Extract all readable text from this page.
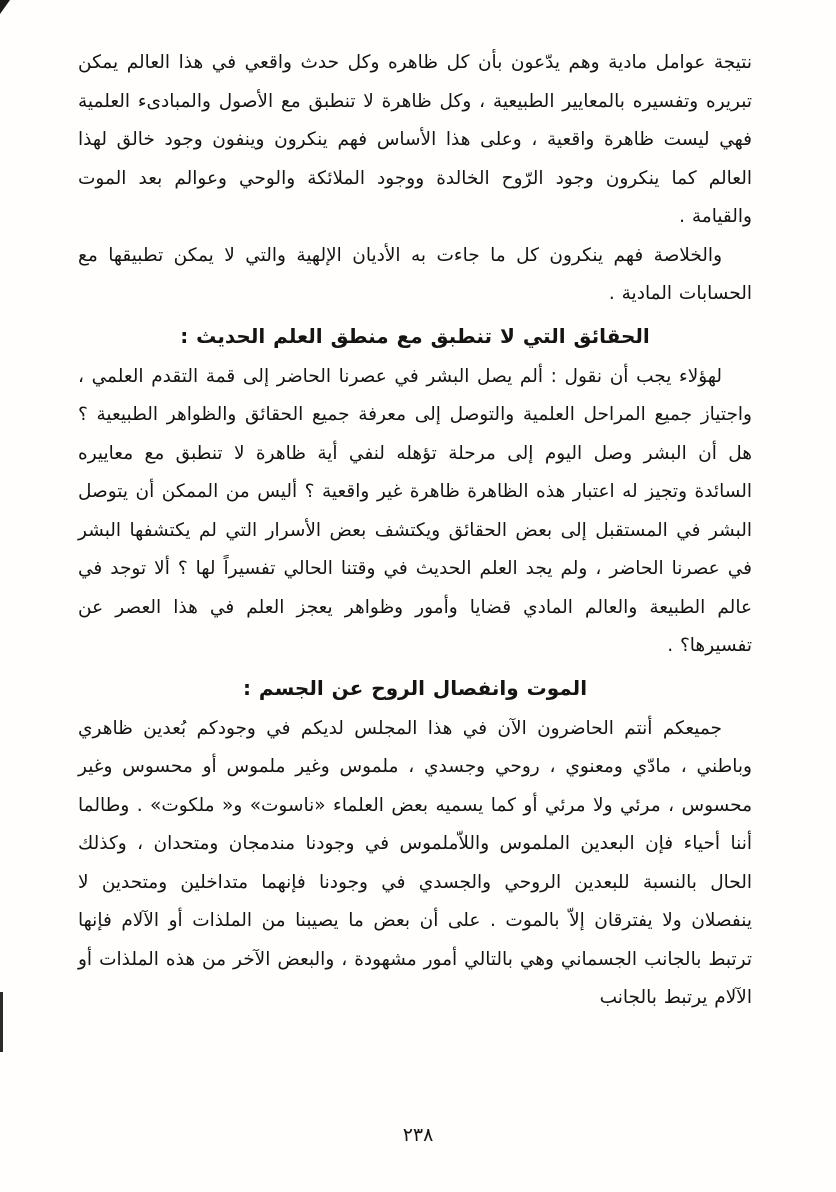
نتيجة عوامل مادية وهم يدّعون بأن كل ظاهره وكل حدث واقعي في هذا العالم يمكن تبريره وتفسيره بالمعايير الطبيعية ، وكل ظاهرة لا تنطبق مع الأصول والمبادىء العلمية فهي ليست ظاهرة واقعية ، وعلى هذا الأساس فهم ينكرون وينفون وجود خالق لهذا العالم كما ينكرون وجود الرّوح الخالدة ووجود الملائكة والوحي وعوالم بعد الموت والقيامة .

والخلاصة فهم ينكرون كل ما جاءت به الأديان الإلهية والتي لا يمكن تطبيقها مع الحسابات المادية .

الحقائق التي لا تنطبق مع منطق العلم الحديث :

لهؤلاء يجب أن نقول : ألم يصل البشر في عصرنا الحاضر إلى قمة التقدم العلمي ، واجتياز جميع المراحل العلمية والتوصل إلى معرفة جميع الحقائق والظواهر الطبيعية ؟ هل أن البشر وصل اليوم إلى مرحلة تؤهله لنفي أية ظاهرة لا تنطبق مع معاييره السائدة وتجيز له اعتبار هذه الظاهرة ظاهرة غير واقعية ؟ أليس من الممكن أن يتوصل البشر في المستقبل إلى بعض الحقائق ويكتشف بعض الأسرار التي لم يكتشفها البشر في عصرنا الحاضر ، ولم يجد العلم الحديث في وقتنا الحالي تفسيراً لها ؟ ألا توجد في عالم الطبيعة والعالم المادي قضايا وأمور وظواهر يعجز العلم في هذا العصر عن تفسيرها؟ .

الموت وانفصال الروح عن الجسم :

جميعكم أنتم الحاضرون الآن في هذا المجلس لديكم في وجودكم بُعدين ظاهري وباطني ، مادّي ومعنوي ، روحي وجسدي ، ملموس وغير ملموس أو محسوس وغير محسوس ، مرئي ولا مرئي أو كما يسميه بعض العلماء «ناسوت» و« ملكوت» . وطالما أننا أحياء فإن البعدين الملموس واللاّملموس في وجودنا مندمجان ومتحدان ، وكذلك الحال بالنسبة للبعدين الروحي والجسدي في وجودنا فإنهما متداخلين ومتحدين لا ينفصلان ولا يفترقان إلاّ بالموت . على أن بعض ما يصيبنا من الملذات أو الآلام فإنها ترتبط بالجانب الجسماني وهي بالتالي أمور مشهودة ، والبعض الآخر من هذه الملذات أو الآلام يرتبط بالجانب

٢٣٨
